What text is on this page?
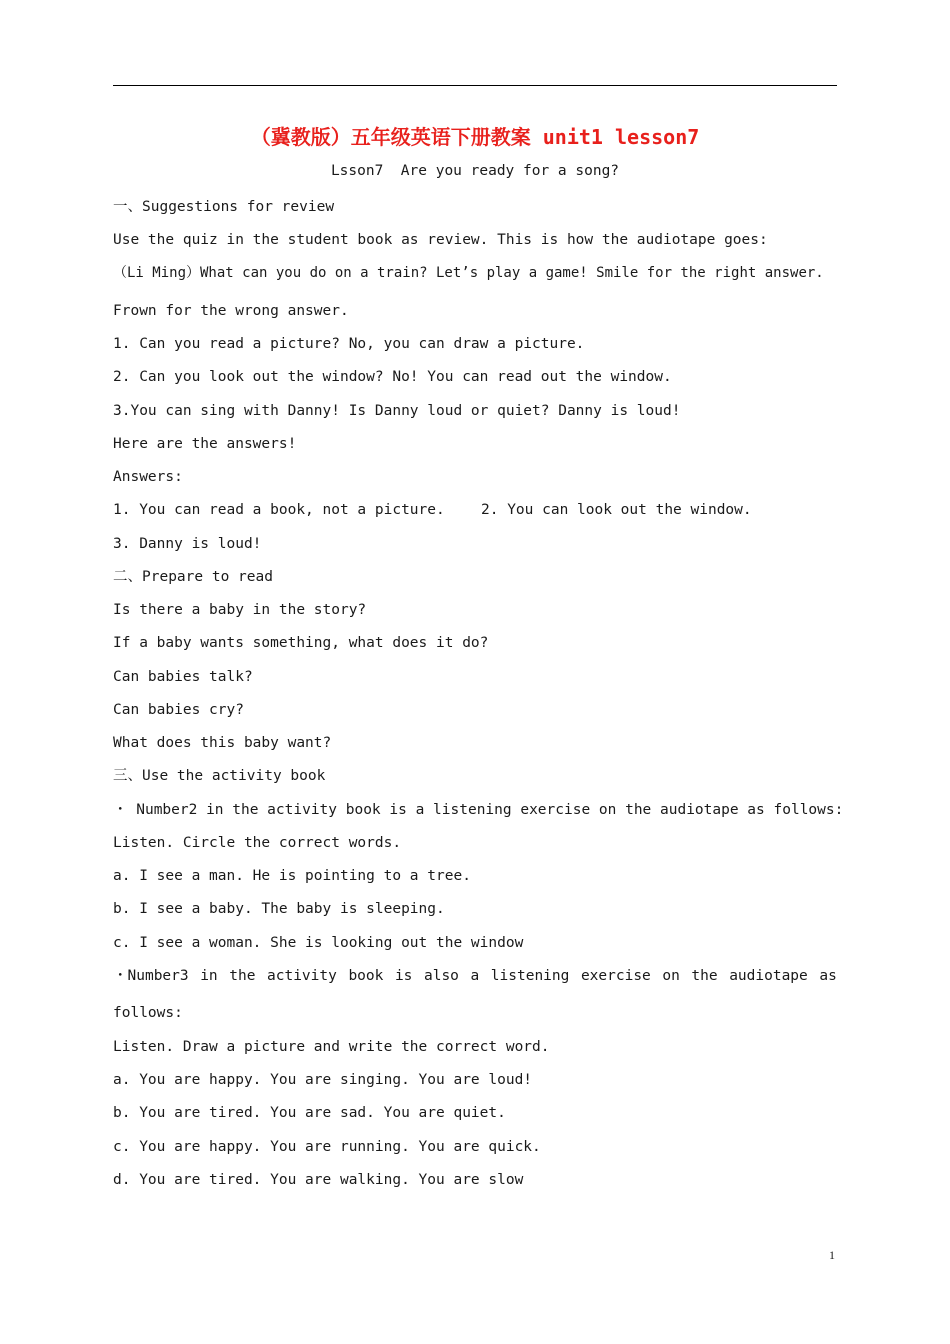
（冀教版）五年级英语下册教案 unit1 lesson7
Lsson7  Are you ready for a song?
一、Suggestions for review
Use the quiz in the student book as review. This is how the audiotape goes:
（Li Ming）What can you do on a train? Let’s play a game! Smile for the right answer.
Frown for the wrong answer.
1. Can you read a picture? No, you can draw a picture.
2. Can you look out the window? No! You can read out the window.
3.You can sing with Danny! Is Danny loud or quiet? Danny is loud!
Here are the answers!
Answers:
1. You can read a book, not a picture.	2. You can look out the window.
3. Danny is loud!
二、Prepare to read
Is there a baby in the story?
If a baby wants something, what does it do?
Can babies talk?
Can babies cry?
What does this baby want?
三、Use the activity book
・ Number2 in the activity book is a listening exercise on the audiotape as follows:
Listen. Circle the correct words.
a. I see a man. He is pointing to a tree.
b. I see a baby. The baby is sleeping.
c. I see a woman. She is looking out the window
・Number3 in the activity book is also a listening exercise on the audiotape as
follows:
Listen. Draw a picture and write the correct word.
a. You are happy. You are singing. You are loud!
b. You are tired. You are sad. You are quiet.
c. You are happy. You are running. You are quick.
d. You are tired. You are walking. You are slow
1
